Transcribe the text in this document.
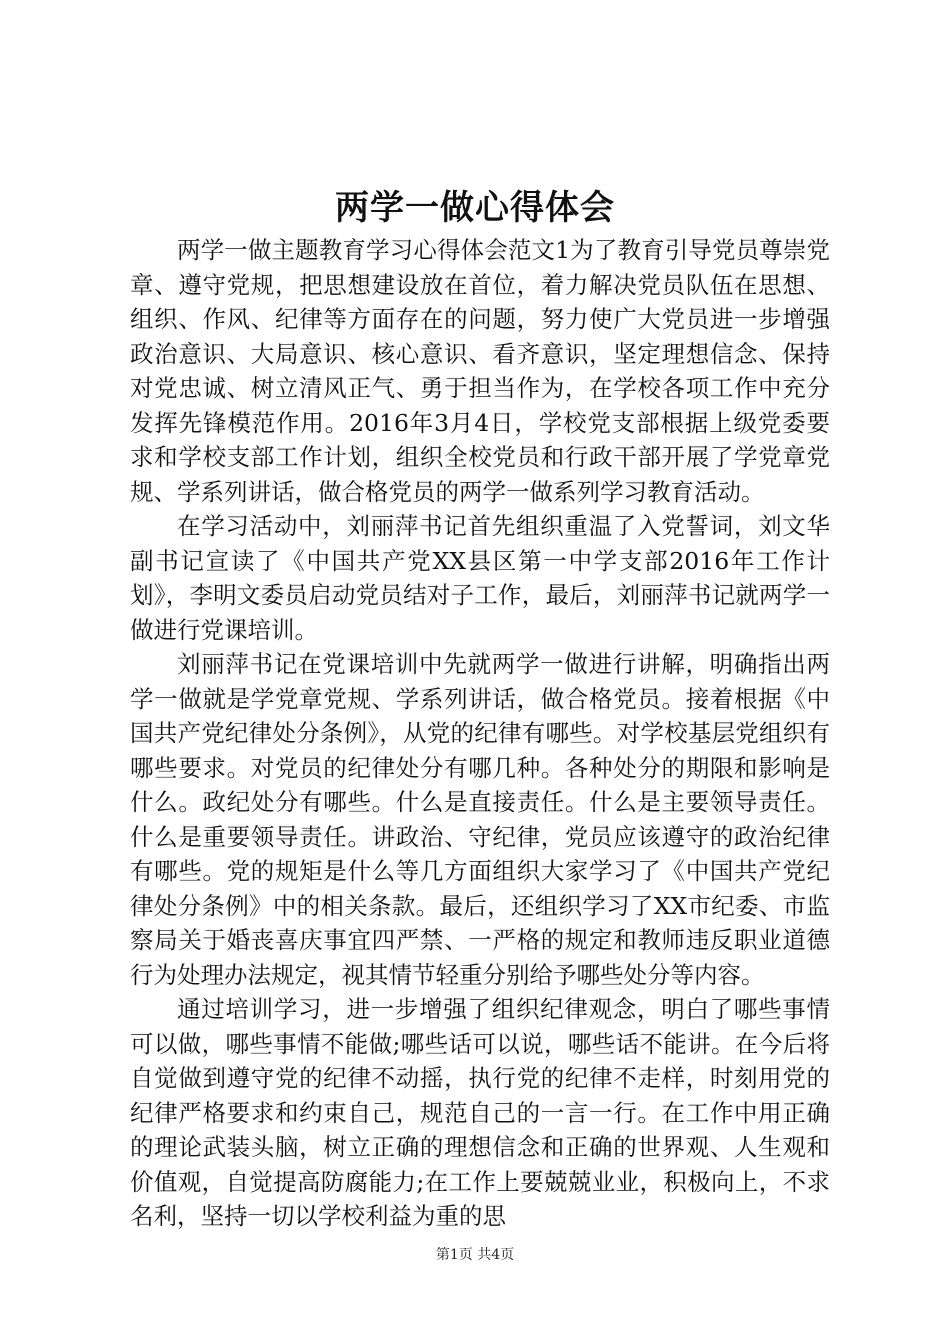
两学一做心得体会

两学一做主题教育学习心得体会范文1为了教育引导党员尊崇党章、遵守党规，把思想建设放在首位，着力解决党员队伍在思想、组织、作风、纪律等方面存在的问题，努力使广大党员进一步增强政治意识、大局意识、核心意识、看齐意识，坚定理想信念、保持对党忠诚、树立清风正气、勇于担当作为，在学校各项工作中充分发挥先锋模范作用。2016年3月4日，学校党支部根据上级党委要求和学校支部工作计划，组织全校党员和行政干部开展了学党章党规、学系列讲话，做合格党员的两学一做系列学习教育活动。

在学习活动中，刘丽萍书记首先组织重温了入党誓词，刘文华副书记宣读了《中国共产党XX县区第一中学支部2016年工作计划》，李明文委员启动党员结对子工作，最后，刘丽萍书记就两学一做进行党课培训。

刘丽萍书记在党课培训中先就两学一做进行讲解，明确指出两学一做就是学党章党规、学系列讲话，做合格党员。接着根据《中国共产党纪律处分条例》，从党的纪律有哪些。对学校基层党组织有哪些要求。对党员的纪律处分有哪几种。各种处分的期限和影响是什么。政纪处分有哪些。什么是直接责任。什么是主要领导责任。什么是重要领导责任。讲政治、守纪律，党员应该遵守的政治纪律有哪些。党的规矩是什么等几方面组织大家学习了《中国共产党纪律处分条例》中的相关条款。最后，还组织学习了XX市纪委、市监察局关于婚丧喜庆事宜四严禁、一严格的规定和教师违反职业道德行为处理办法规定，视其情节轻重分别给予哪些处分等内容。

通过培训学习，进一步增强了组织纪律观念，明白了哪些事情可以做，哪些事情不能做;哪些话可以说，哪些话不能讲。在今后将自觉做到遵守党的纪律不动摇，执行党的纪律不走样，时刻用党的纪律严格要求和约束自己，规范自己的一言一行。在工作中用正确的理论武装头脑，树立正确的理想信念和正确的世界观、人生观和价值观，自觉提高防腐能力;在工作上要兢兢业业，积极向上，不求名利，坚持一切以学校利益为重的思

第1页 共4页
